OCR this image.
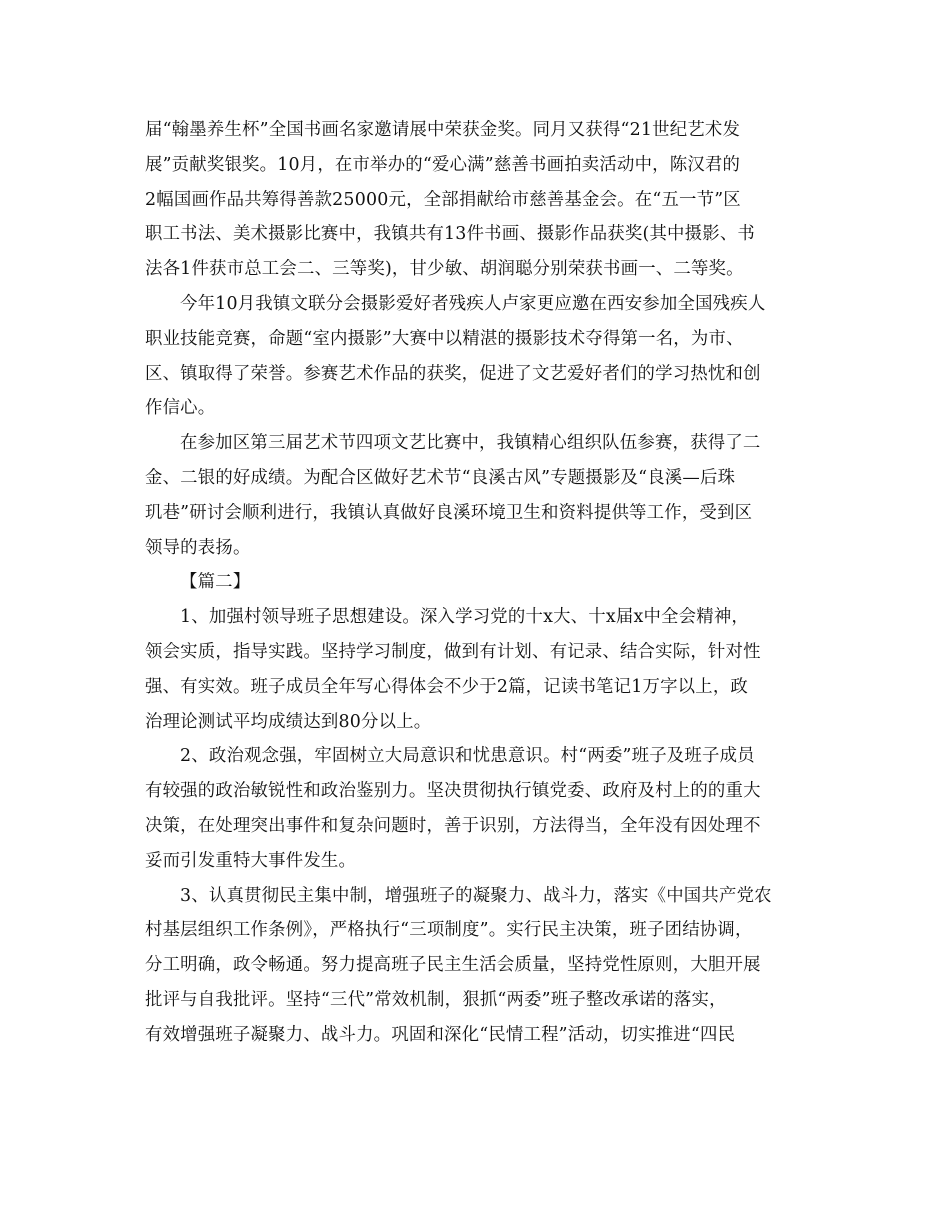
届“翰墨养生杯”全国书画名家邀请展中荣获金奖。同月又获得“21世纪艺术发
展”贡献奖银奖。10月，在市举办的“爱心满”慈善书画拍卖活动中，陈汉君的
2幅国画作品共筹得善款25000元，全部捐献给市慈善基金会。在“五一节”区
职工书法、美术摄影比赛中，我镇共有13件书画、摄影作品获奖(其中摄影、书
法各1件获市总工会二、三等奖)，甘少敏、胡润聪分别荣获书画一、二等奖。

今年10月我镇文联分会摄影爱好者残疾人卢家更应邀在西安参加全国残疾人
职业技能竞赛，命题“室内摄影”大赛中以精湛的摄影技术夺得第一名，为市、
区、镇取得了荣誉。参赛艺术作品的获奖，促进了文艺爱好者们的学习热忱和创
作信心。

在参加区第三届艺术节四项文艺比赛中，我镇精心组织队伍参赛，获得了二
金、二银的好成绩。为配合区做好艺术节“良溪古风”专题摄影及“良溪—后珠
玑巷”研讨会顺利进行，我镇认真做好良溪环境卫生和资料提供等工作，受到区
领导的表扬。

【篇二】

1、加强村领导班子思想建设。深入学习党的十x大、十x届x中全会精神，
领会实质，指导实践。坚持学习制度，做到有计划、有记录、结合实际，针对性
强、有实效。班子成员全年写心得体会不少于2篇，记读书笔记1万字以上，政
治理论测试平均成绩达到80分以上。

2、政治观念强，牢固树立大局意识和忧患意识。村“两委”班子及班子成员
有较强的政治敏锐性和政治鉴别力。坚决贯彻执行镇党委、政府及村上的的重大
决策，在处理突出事件和复杂问题时，善于识别，方法得当，全年没有因处理不
妥而引发重特大事件发生。

3、认真贯彻民主集中制，增强班子的凝聚力、战斗力，落实《中国共产党农
村基层组织工作条例》，严格执行“三项制度”。实行民主决策，班子团结协调，
分工明确，政令畅通。努力提高班子民主生活会质量，坚持党性原则，大胆开展
批评与自我批评。坚持“三代”常效机制，狠抓“两委”班子整改承诺的落实，
有效增强班子凝聚力、战斗力。巩固和深化“民情工程”活动，切实推进“四民
